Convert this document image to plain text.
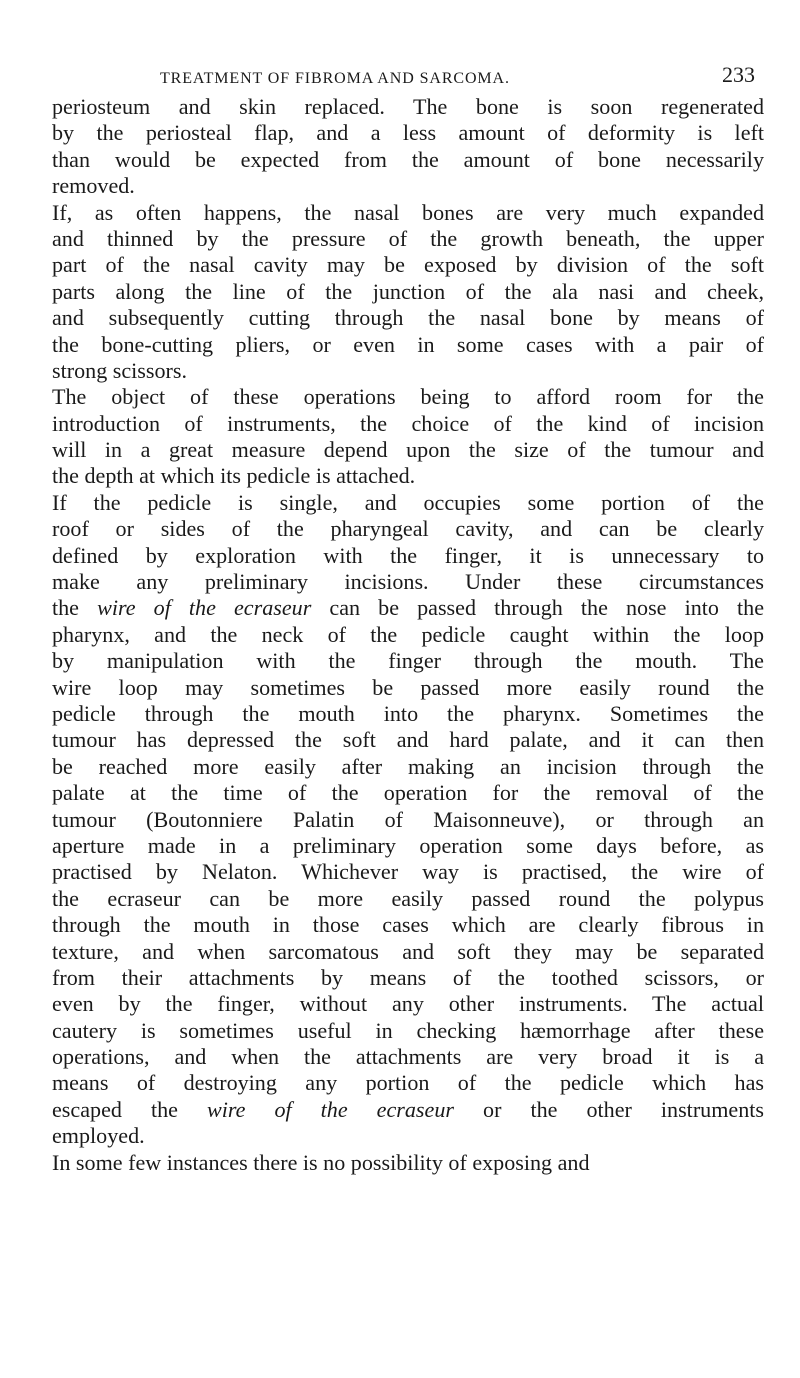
TREATMENT OF FIBROMA AND SARCOMA.	233
periosteum and skin replaced. The bone is soon regenerated
by the periosteal flap, and a less amount of deformity is left
than would be expected from the amount of bone necessarily
removed.
If, as often happens, the nasal bones are very much expanded
and thinned by the pressure of the growth beneath, the upper
part of the nasal cavity may be exposed by division of the soft
parts along the line of the junction of the ala nasi and cheek,
and subsequently cutting through the nasal bone by means of
the bone-cutting pliers, or even in some cases with a pair of
strong scissors.
The object of these operations being to afford room for the
introduction of instruments, the choice of the kind of incision
will in a great measure depend upon the size of the tumour and
the depth at which its pedicle is attached.
If the pedicle is single, and occupies some portion of the
roof or sides of the pharyngeal cavity, and can be clearly
defined by exploration with the finger, it is unnecessary to
make any preliminary incisions. Under these circumstances
the wire of the ecraseur can be passed through the nose into the
pharynx, and the neck of the pedicle caught within the loop
by manipulation with the finger through the mouth. The
wire loop may sometimes be passed more easily round the
pedicle through the mouth into the pharynx. Sometimes the
tumour has depressed the soft and hard palate, and it can then
be reached more easily after making an incision through the
palate at the time of the operation for the removal of the
tumour (Boutonniere Palatin of Maisonneuve), or through an
aperture made in a preliminary operation some days before, as
practised by Nelaton. Whichever way is practised, the wire of
the ecraseur can be more easily passed round the polypus
through the mouth in those cases which are clearly fibrous in
texture, and when sarcomatous and soft they may be separated
from their attachments by means of the toothed scissors, or
even by the finger, without any other instruments. The actual
cautery is sometimes useful in checking hæmorrhage after these
operations, and when the attachments are very broad it is a
means of destroying any portion of the pedicle which has
escaped the wire of the ecraseur or the other instruments
employed.
In some few instances there is no possibility of exposing and
